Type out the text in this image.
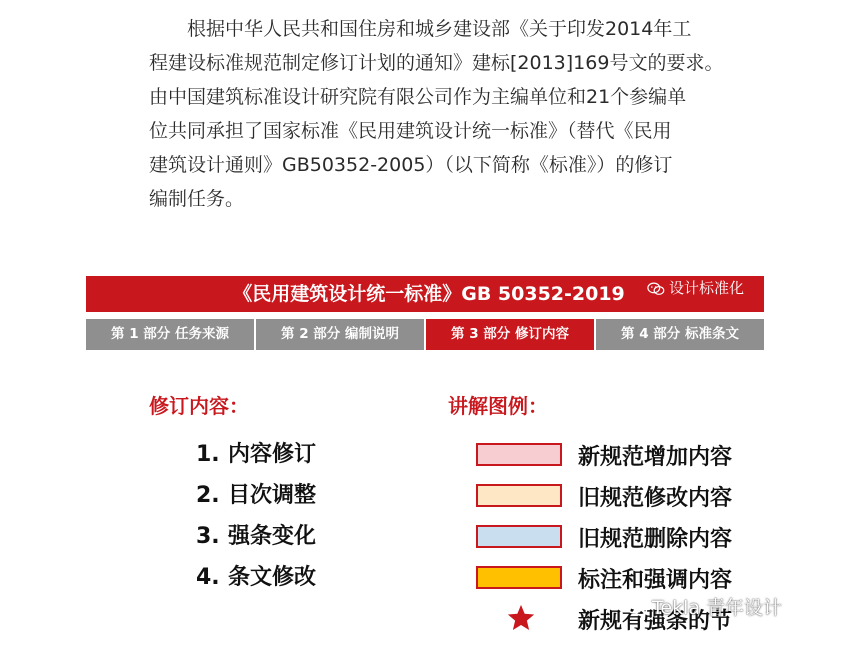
根据中华人民共和国住房和城乡建设部《关于印发2014年工
程建设标准规范制定修订计划的通知》建标[2013]169号文的要求。
由中国建筑标准设计研究院有限公司作为主编单位和21个参编单
位共同承担了国家标准《民用建筑设计统一标准》（替代《民用
建筑设计通则》GB50352-2005）（以下简称《标准》）的修订
编制任务。
《民用建筑设计统一标准》GB 50352-2019	设计标准化
第 1 部分 任务来源	第 2 部分 编制说明	第 3 部分 修订内容	第 4 部分 标准条文
修订内容：
1. 内容修订
2. 目次调整
3. 强条变化
4. 条文修改
讲解图例：
新规范增加内容
旧规范修改内容
旧规范删除内容
标注和强调内容
新规有强条的节
Tekla 青年设计
